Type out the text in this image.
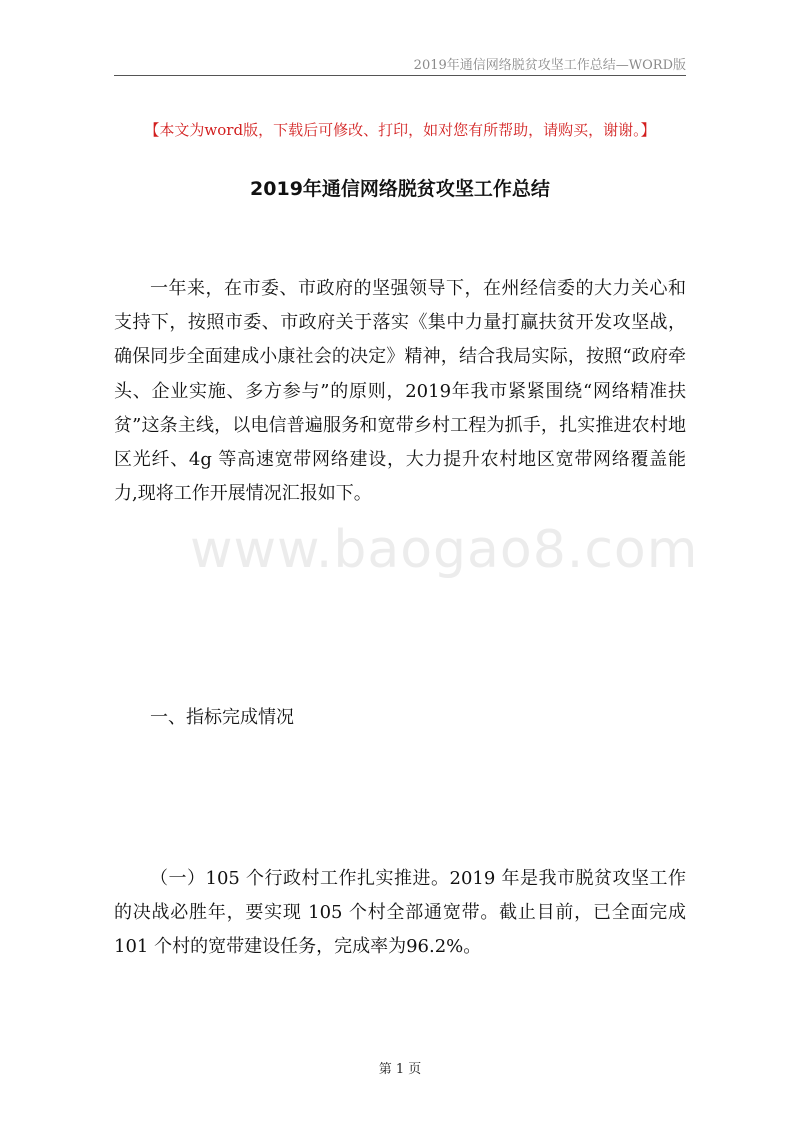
2019年通信网络脱贫攻坚工作总结—WORD版
www.baogao8.com
【本文为word版，下载后可修改、打印，如对您有所帮助，请购买，谢谢。】
2019年通信网络脱贫攻坚工作总结

一年来，在市委、市政府的坚强领导下，在州经信委的大力关心和支持下，按照市委、市政府关于落实《集中力量打赢扶贫开发攻坚战，确保同步全面建成小康社会的决定》精神，结合我局实际，按照“政府牵头、企业实施、多方参与”的原则，2019年我市紧紧围绕“网络精准扶贫”这条主线，以电信普遍服务和宽带乡村工程为抓手，扎实推进农村地区光纤、4g 等高速宽带网络建设，大力提升农村地区宽带网络覆盖能力,现将工作开展情况汇报如下。

一、指标完成情况

（一）105 个行政村工作扎实推进。2019 年是我市脱贫攻坚工作的决战必胜年，要实现 105 个村全部通宽带。截止目前，已全面完成 101 个村的宽带建设任务，完成率为96.2%。

第 1 页
